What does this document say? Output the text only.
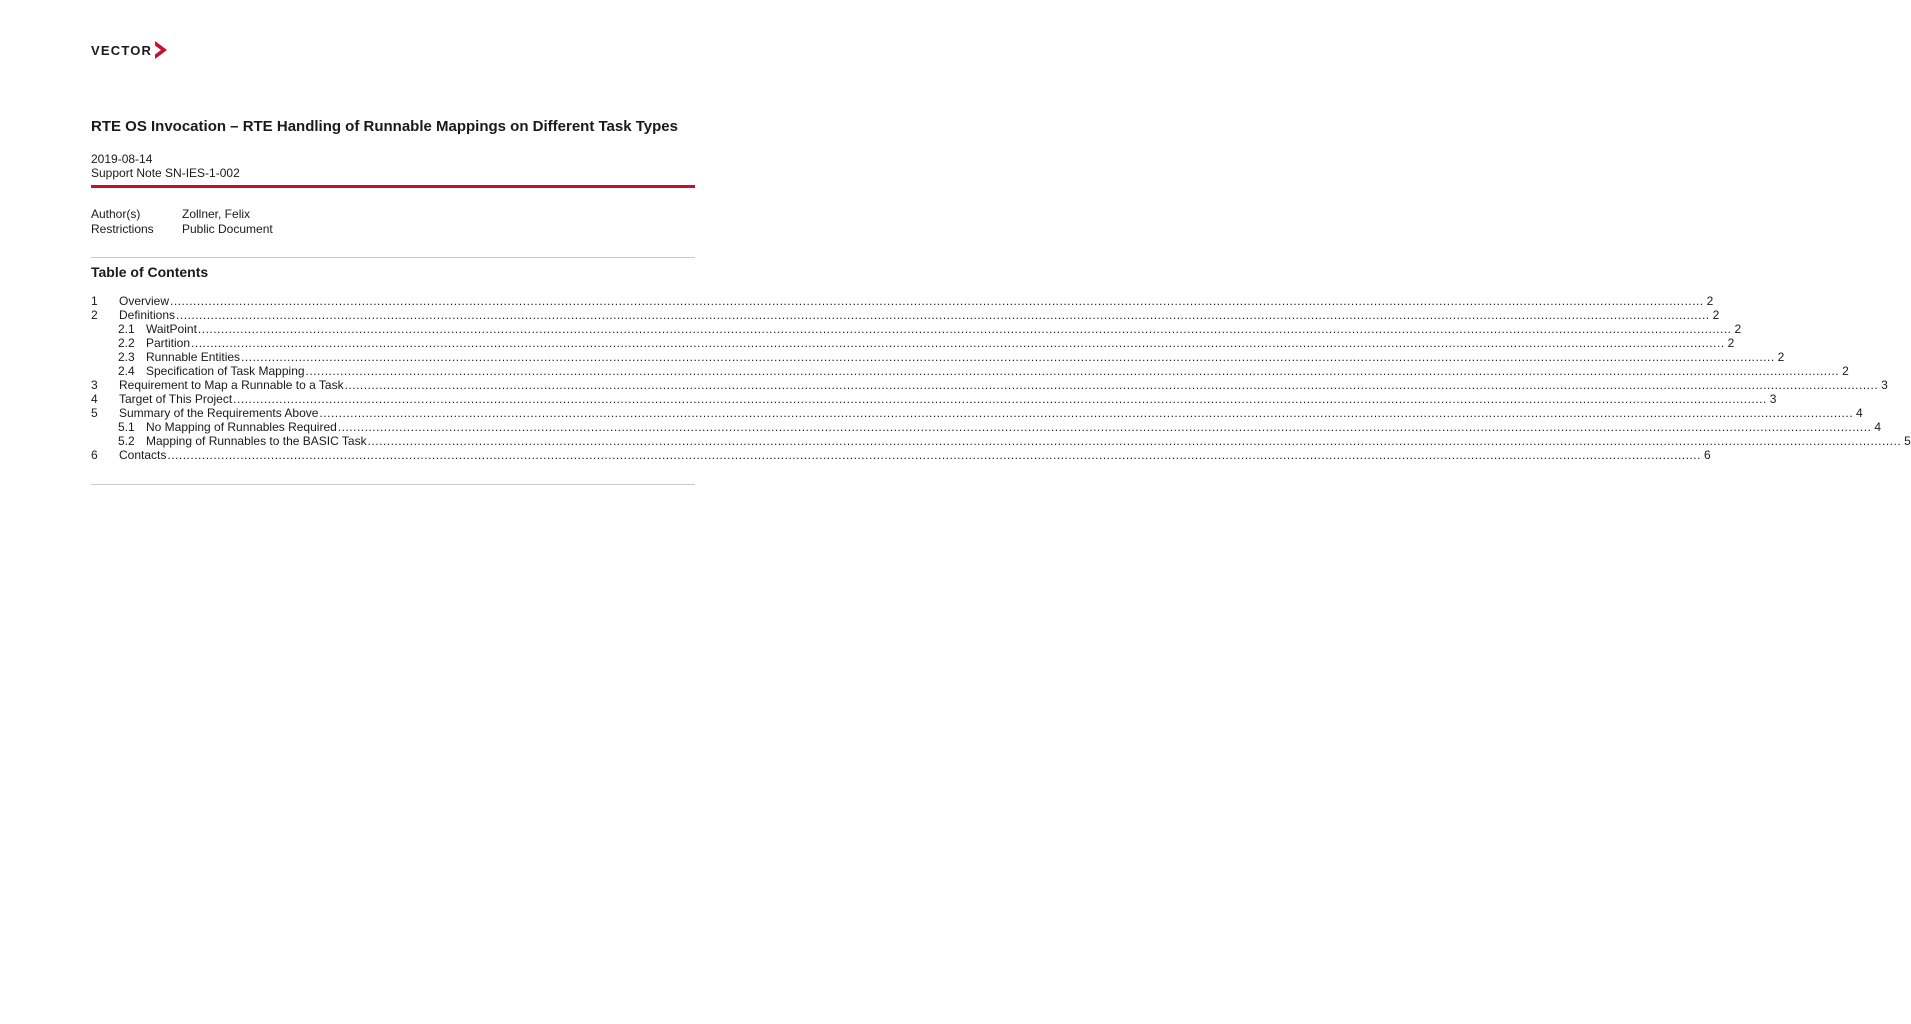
VECTOR
RTE OS Invocation – RTE Handling of Runnable Mappings on Different Task Types
2019-08-14
Support Note SN-IES-1-002
Author(s)	Zollner, Felix
Restrictions	Public Document
Table of Contents
1	Overview ................................................................................................................................................................................................................................................................................................................................................................................................................ 2
2	Definitions ................................................................................................................................................................................................................................................................................................................................................................................................................ 2
2.1 WaitPoint ................................................................................................................................................................................................................................................................................................................................................................................................................ 2
2.2 Partition ................................................................................................................................................................................................................................................................................................................................................................................................................ 2
2.3 Runnable Entities ................................................................................................................................................................................................................................................................................................................................................................................................................ 2
2.4 Specification of Task Mapping ................................................................................................................................................................................................................................................................................................................................................................................................................ 2
3	Requirement to Map a Runnable to a Task ................................................................................................................................................................................................................................................................................................................................................................................................................ 3
4	Target of This Project ................................................................................................................................................................................................................................................................................................................................................................................................................ 3
5	Summary of the Requirements Above ................................................................................................................................................................................................................................................................................................................................................................................................................ 4
5.1 No Mapping of Runnables Required ................................................................................................................................................................................................................................................................................................................................................................................................................ 4
5.2 Mapping of Runnables to the BASIC Task ................................................................................................................................................................................................................................................................................................................................................................................................................ 5
6	Contacts ................................................................................................................................................................................................................................................................................................................................................................................................................ 6
